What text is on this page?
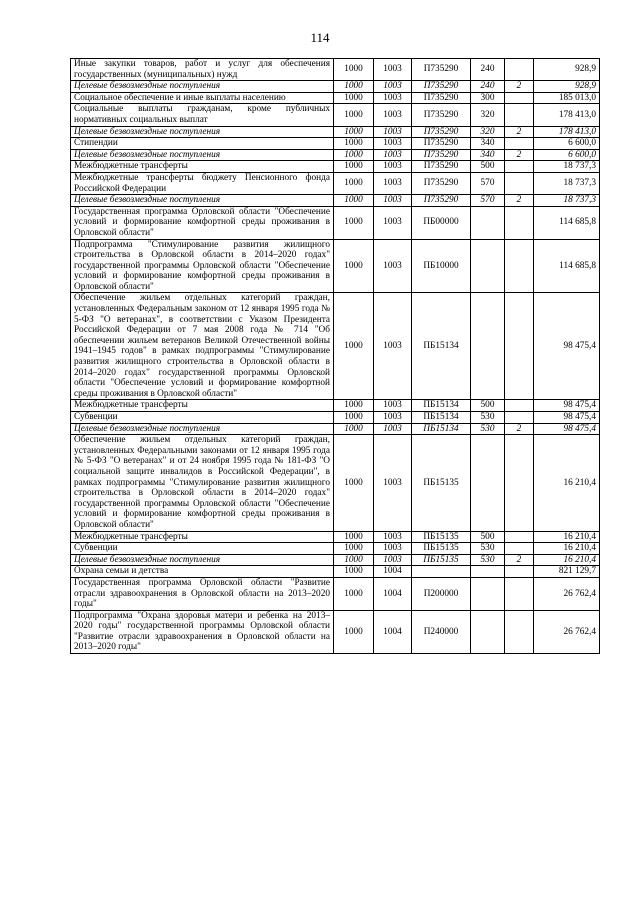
114
Иные закупки товаров, работ и услуг для обеспечения государственных (муниципальных) нужд	1000	1003	П735290	240		928,9
Целевые безвозмездные поступления	1000	1003	П735290	240	2	928,9
Социальное обеспечение и иные выплаты населению	1000	1003	П735290	300		185 013,0
Социальные выплаты гражданам, кроме публичных нормативных социальных выплат	1000	1003	П735290	320		178 413,0
Целевые безвозмездные поступления	1000	1003	П735290	320	2	178 413,0
Стипендии	1000	1003	П735290	340		6 600,0
Целевые безвозмездные поступления	1000	1003	П735290	340	2	6 600,0
Межбюджетные трансферты	1000	1003	П735290	500		18 737,3
Межбюджетные трансферты бюджету Пенсионного фонда Российской Федерации	1000	1003	П735290	570		18 737,3
Целевые безвозмездные поступления	1000	1003	П735290	570	2	18 737,3
Государственная программа Орловской области "Обеспечение условий и формирование комфортной среды проживания в Орловской области"	1000	1003	ПБ00000			114 685,8
Подпрограмма "Стимулирование развития жилищного строительства в Орловской области в 2014–2020 годах" государственной программы Орловской области "Обеспечение условий и формирование комфортной среды проживания в Орловской области"	1000	1003	ПБ10000			114 685,8
Обеспечение жильем отдельных категорий граждан, установленных Федеральным законом от 12 января 1995 года № 5-ФЗ "О ветеранах", в соответствии с Указом Президента Российской Федерации от 7 мая 2008 года № 714 "Об обеспечении жильем ветеранов Великой Отечественной войны 1941–1945 годов" в рамках подпрограммы "Стимулирование развития жилищного строительства в Орловской области в 2014–2020 годах" государственной программы Орловской области "Обеспечение условий и формирование комфортной среды проживания в Орловской области"	1000	1003	ПБ15134			98 475,4
Межбюджетные трансферты	1000	1003	ПБ15134	500		98 475,4
Субвенции	1000	1003	ПБ15134	530		98 475,4
Целевые безвозмездные поступления	1000	1003	ПБ15134	530	2	98 475,4
Обеспечение жильем отдельных категорий граждан, установленных Федеральными законами от 12 января 1995 года № 5-ФЗ "О ветеранах" и от 24 ноября 1995 года № 181-ФЗ "О социальной защите инвалидов в Российской Федерации", в рамках подпрограммы "Стимулирование развития жилищного строительства в Орловской области в 2014–2020 годах" государственной программы Орловской области "Обеспечение условий и формирование комфортной среды проживания в Орловской области"	1000	1003	ПБ15135			16 210,4
Межбюджетные трансферты	1000	1003	ПБ15135	500		16 210,4
Субвенции	1000	1003	ПБ15135	530		16 210,4
Целевые безвозмездные поступления	1000	1003	ПБ15135	530	2	16 210,4
Охрана семьи и детства	1000	1004				821 129,7
Государственная программа Орловской области "Развитие отрасли здравоохранения в Орловской области на 2013–2020 годы"	1000	1004	П200000			26 762,4
Подпрограмма "Охрана здоровья матери и ребенка на 2013–2020 годы" государственной программы Орловской области "Развитие отрасли здравоохранения в Орловской области на 2013–2020 годы"	1000	1004	П240000			26 762,4
